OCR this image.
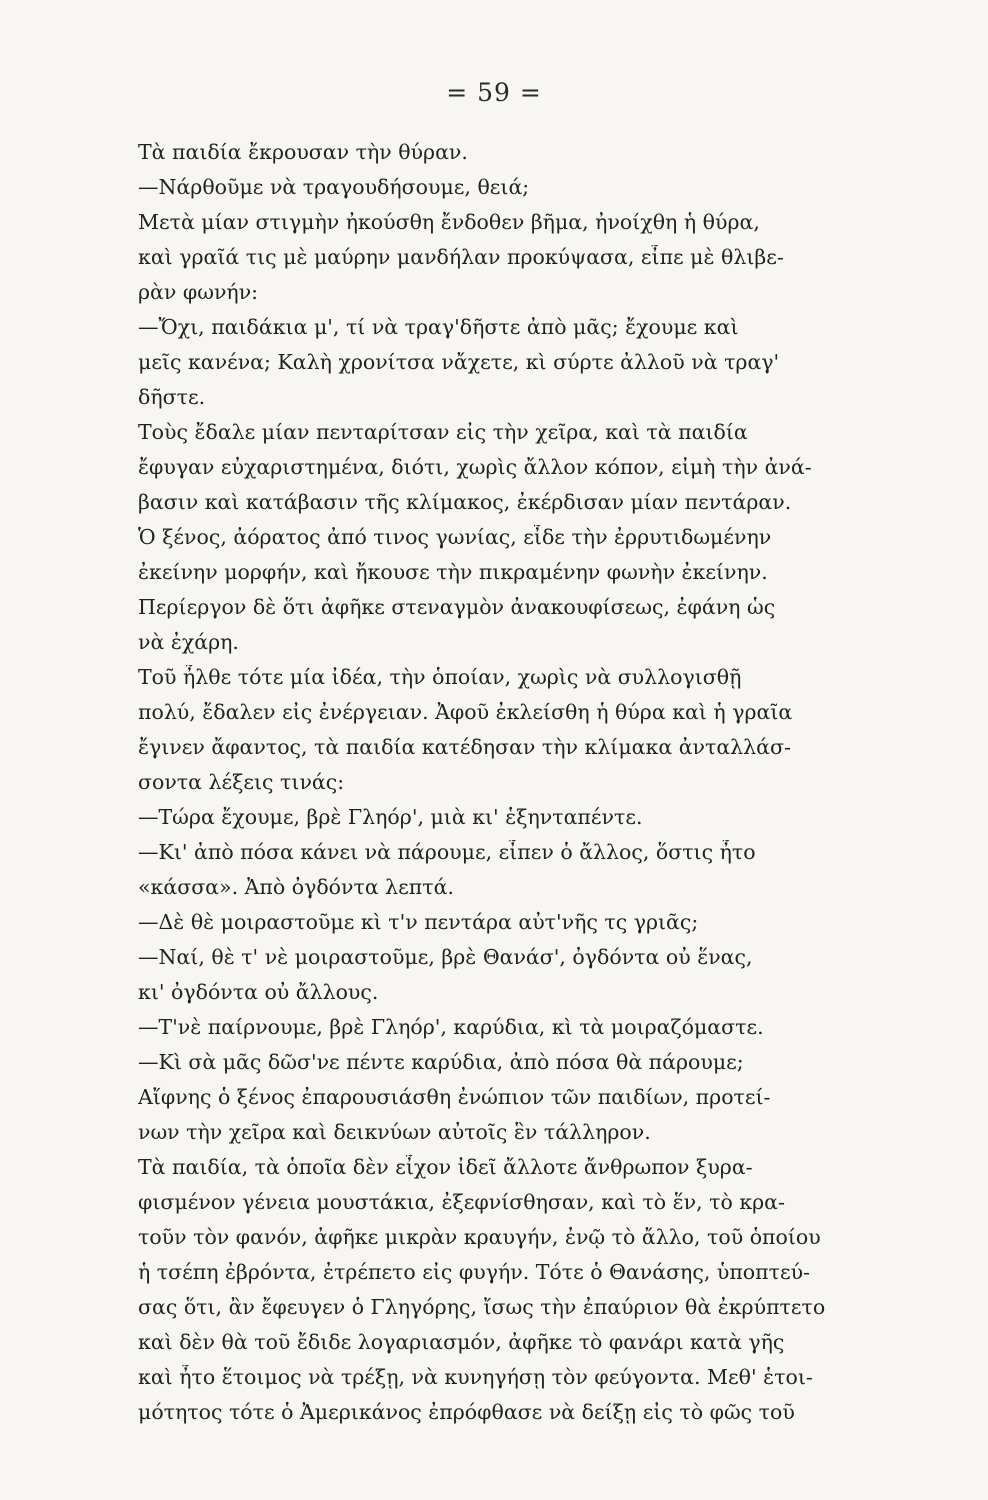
= 59 =
Τὰ παιδία ἔκρουσαν τὴν θύραν.
—Νάρθοῦμε νὰ τραγουδήσουμε, θειά;
Μετὰ μίαν στιγμὴν ἠκούσθη ἔνδοθεν βῆμα, ἠνοίχθη ἡ θύρα,
καὶ γραῖά τις μὲ μαύρην μανδήλαν προκύψασα, εἶπε μὲ θλιβε-
ρὰν φωνήν:
—Ὄχι, παιδάκια μ', τί νὰ τραγ'δῆστε ἀπὸ μᾶς; ἔχουμε καὶ
μεῖς κανένα; Καλὴ χρονίτσα νἄχετε, κὶ σύρτε ἀλλοῦ νὰ τραγ'
δῆστε.
Τοὺς ἔδαλε μίαν πενταρίτσαν εἰς τὴν χεῖρα, καὶ τὰ παιδία
ἔφυγαν εὐχαριστημένα, διότι, χωρὶς ἄλλον κόπον, εἰμὴ τὴν ἀνά-
βασιν καὶ κατάβασιν τῆς κλίμακος, ἐκέρδισαν μίαν πεντάραν.
Ὁ ξένος, ἀόρατος ἀπό τινος γωνίας, εἶδε τὴν ἐρρυτιδωμένην
ἐκείνην μορφήν, καὶ ἤκουσε τὴν πικραμένην φωνὴν ἐκείνην.
Περίεργον δὲ ὅτι ἀφῆκε στεναγμὸν ἀνακουφίσεως, ἐφάνη ὡς
νὰ ἐχάρη.
Τοῦ ἦλθε τότε μία ἰδέα, τὴν ὁποίαν, χωρὶς νὰ συλλογισθῇ
πολύ, ἔδαλεν εἰς ἐνέργειαν. Ἀφοῦ ἐκλείσθη ἡ θύρα καὶ ἡ γραῖα
ἔγινεν ἄφαντος, τὰ παιδία κατέδησαν τὴν κλίμακα ἀνταλλάσ-
σοντα λέξεις τινάς:
—Τώρα ἔχουμε, βρὲ Γληόρ', μιὰ κι' ἑξηνταπέντε.
—Κι' ἀπὸ πόσα κάνει νὰ πάρουμε, εἶπεν ὁ ἄλλος, ὅστις ἦτο
«κάσσα». Ἀπὸ ὀγδόντα λεπτά.
—Δὲ θὲ μοιραστοῦμε κὶ τ'ν πεντάρα αὐτ'νῆς τς γριᾶς;
—Ναί, θὲ τ' νὲ μοιραστοῦμε, βρὲ Θανάσ', ὀγδόντα οὐ ἕνας,
κι' ὀγδόντα οὐ ἄλλους.
—Τ'νὲ παίρνουμε, βρὲ Γληόρ', καρύδια, κὶ τὰ μοιραζόμαστε.
—Κὶ σὰ μᾶς δῶσ'νε πέντε καρύδια, ἀπὸ πόσα θὰ πάρουμε;
Αἴφνης ὁ ξένος ἐπαρουσιάσθη ἐνώπιον τῶν παιδίων, προτεί-
νων τὴν χεῖρα καὶ δεικνύων αὐτοῖς ἓν τάλληρον.
Τὰ παιδία, τὰ ὁποῖα δὲν εἶχον ἰδεῖ ἄλλοτε ἄνθρωπον ξυρα-
φισμένον γένεια μουστάκια, ἐξεφνίσθησαν, καὶ τὸ ἕν, τὸ κρα-
τοῦν τὸν φανόν, ἀφῆκε μικρὰν κραυγήν, ἐνῷ τὸ ἄλλο, τοῦ ὁποίου
ἡ τσέπη ἐβρόντα, ἐτρέπετο εἰς φυγήν. Τότε ὁ Θανάσης, ὑποπτεύ-
σας ὅτι, ἂν ἔφευγεν ὁ Γληγόρης, ἴσως τὴν ἐπαύριον θὰ ἐκρύπτετο
καὶ δὲν θὰ τοῦ ἔδιδε λογαριασμόν, ἀφῆκε τὸ φανάρι κατὰ γῆς
καὶ ἦτο ἕτοιμος νὰ τρέξῃ, νὰ κυνηγήσῃ τὸν φεύγοντα. Μεθ' ἑτοι-
μότητος τότε ὁ Ἀμερικάνος ἐπρόφθασε νὰ δείξῃ εἰς τὸ φῶς τοῦ
